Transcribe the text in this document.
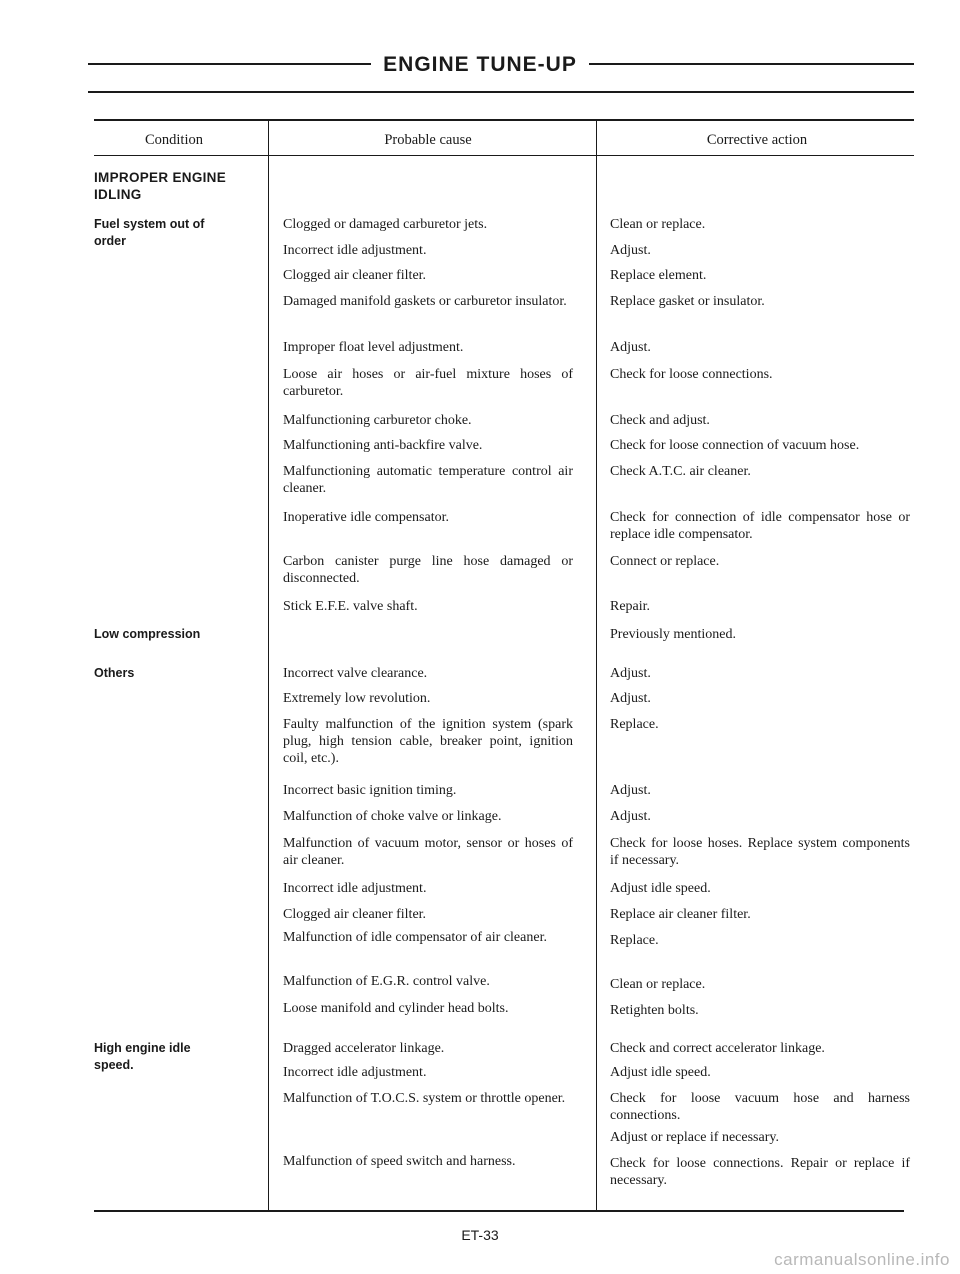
ENGINE TUNE-UP
Condition	Probable cause	Corrective action
IMPROPER ENGINE IDLING
Fuel system out of order
Low compression
Others
High engine idle speed.
Clogged or damaged carburetor jets.
Incorrect idle adjustment.
Clogged air cleaner filter.
Damaged manifold gaskets or carburetor insulator.
Improper float level adjustment.
Loose air hoses or air-fuel mixture hoses of carburetor.
Malfunctioning carburetor choke.
Malfunctioning anti-backfire valve.
Malfunctioning automatic temperature control air cleaner.
Inoperative idle compensator.
Carbon canister purge line hose damaged or disconnected.
Stick E.F.E. valve shaft.
Incorrect valve clearance.
Extremely low revolution.
Faulty malfunction of the ignition system (spark plug, high tension cable, breaker point, ignition coil, etc.).
Incorrect basic ignition timing.
Malfunction of choke valve or linkage.
Malfunction of vacuum motor, sensor or hoses of air cleaner.
Incorrect idle adjustment.
Clogged air cleaner filter.
Malfunction of idle compensator of air cleaner.
Malfunction of E.G.R. control valve.
Loose manifold and cylinder head bolts.
Dragged accelerator linkage.
Incorrect idle adjustment.
Malfunction of T.O.C.S. system or throttle opener.
Malfunction of speed switch and harness.
Clean or replace.
Adjust.
Replace element.
Replace gasket or insulator.
Adjust.
Check for loose connections.
Check and adjust.
Check for loose connection of vacuum hose.
Check A.T.C. air cleaner.
Check for connection of idle compensator hose or replace idle compensator.
Connect or replace.
Repair.
Previously mentioned.
Adjust.
Adjust.
Replace.
Adjust.
Adjust.
Check for loose hoses. Replace system components if necessary.
Adjust idle speed.
Replace air cleaner filter.
Replace.
Clean or replace.
Retighten bolts.
Check and correct accelerator linkage.
Adjust idle speed.
Check for loose vacuum hose and harness connections.
Adjust or replace if necessary.
Check for loose connections. Repair or replace if necessary.
ET-33
carmanualsonline.info
